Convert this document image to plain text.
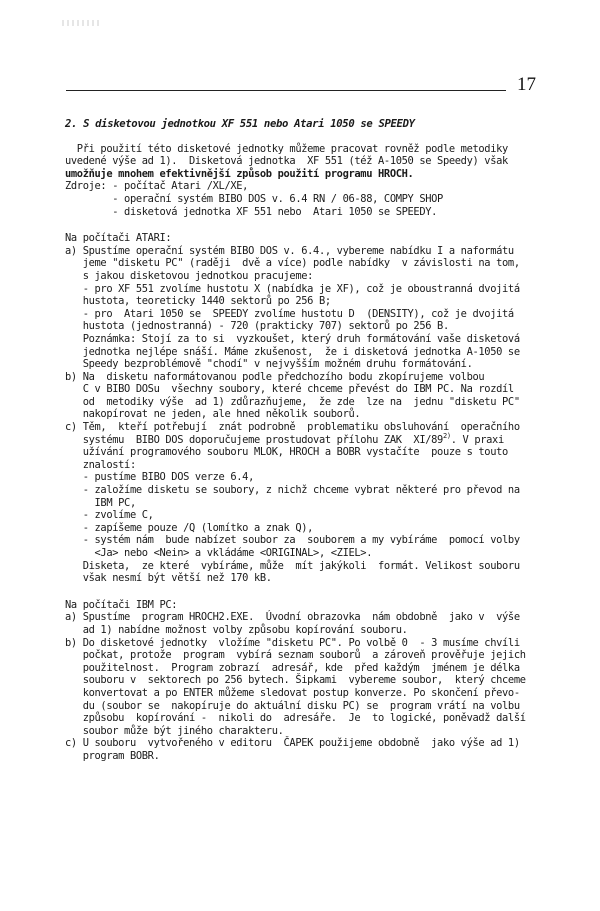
17
2. S disketovou jednotkou XF 551 nebo Atari 1050 se SPEEDY
Při použití této disketové jednotky můžeme pracovat rovněž podle metodiky
uvedené výše ad 1).  Disketová jednotka  XF 551 (též A-1050 se Speedy) však
umožňuje mnohem efektivnější způsob použití programu HROCH.
Zdroje: - počítač Atari /XL/XE,
- operační systém BIBO DOS v. 6.4 RN / 06-88, COMPY SHOP
- disketová jednotka XF 551 nebo  Atari 1050 se SPEEDY.
Na počítači ATARI:
a) Spustíme operační systém BIBO DOS v. 6.4., vybereme nabídku I a naformátu
jeme "disketu PC" (raději  dvě a více) podle nabídky  v závislosti na tom,
s jakou disketovou jednotkou pracujeme:
- pro XF 551 zvolíme hustotu X (nabídka je XF), což je oboustranná dvojitá
hustota, teoreticky 1440 sektorů po 256 B;
- pro  Atari 1050 se  SPEEDY zvolíme hustotu D  (DENSITY), což je dvojitá
hustota (jednostranná) - 720 (prakticky 707) sektorů po 256 B.
Poznámka: Stojí za to si  vyzkoušet, který druh formátování vaše disketová
jednotka nejlépe snáší. Máme zkušenost,  že i disketová jednotka A-1050 se
Speedy bezproblémově "chodí" v nejvyšším možném druhu formátování.
b) Na  disketu naformátovanou podle předchozího bodu zkopírujeme volbou
C v BIBO DOSu  všechny soubory, které chceme převést do IBM PC. Na rozdíl
od  metodiky výše  ad 1) zdůrazňujeme,  že zde  lze na  jednu "disketu PC"
nakopírovat ne jeden, ale hned několik souborů.
c) Těm,  kteří potřebují  znát podrobně  problematiku obsluhování  operačního
systému  BIBO DOS doporučujeme prostudovat přílohu ZAK  XI/89$^{2)}$. V praxi
užívání programového souboru MLOK, HROCH a BOBR vystačíte  pouze s touto
znalostí:
- pustíme BIBO DOS verze 6.4,
- založíme disketu se soubory, z nichž chceme vybrat některé pro převod na
IBM PC,
- zvolíme C,
- zapíšeme pouze /Q (lomítko a znak Q),
- systém nám  bude nabízet soubor za  souborem a my vybíráme  pomocí volby
<Ja> nebo <Nein> a vkládáme <ORIGINAL>, <ZIEL>.
Disketa,  ze které  vybíráme, může  mít jakýkoli  formát. Velikost souboru
však nesmí být větší než 170 kB.
Na počítači IBM PC:
a) Spustíme  program HROCH2.EXE.  Úvodní obrazovka  nám obdobně  jako v  výše
ad 1) nabídne možnost volby způsobu kopírování souboru.
b) Do disketové jednotky  vložíme "disketu PC". Po volbě 0  - 3 musíme chvíli
počkat, protože  program  vybírá seznam souborů  a zároveň prověřuje jejich
použitelnost.  Program zobrazí  adresář, kde  před každým  jménem je délka
souboru v  sektorech po 256 bytech. Šipkami  vybereme soubor,  který chceme
konvertovat a po ENTER můžeme sledovat postup konverze. Po skončení převo-
du (soubor se  nakopíruje do aktuální disku PC) se  program vrátí na volbu
způsobu  kopírování -  nikoli do  adresáře.  Je  to logické, poněvadž další
soubor může být jiného charakteru.
c) U souboru  vytvořeného v editoru  ČAPEK použijeme obdobně  jako výše ad 1)
program BOBR.
